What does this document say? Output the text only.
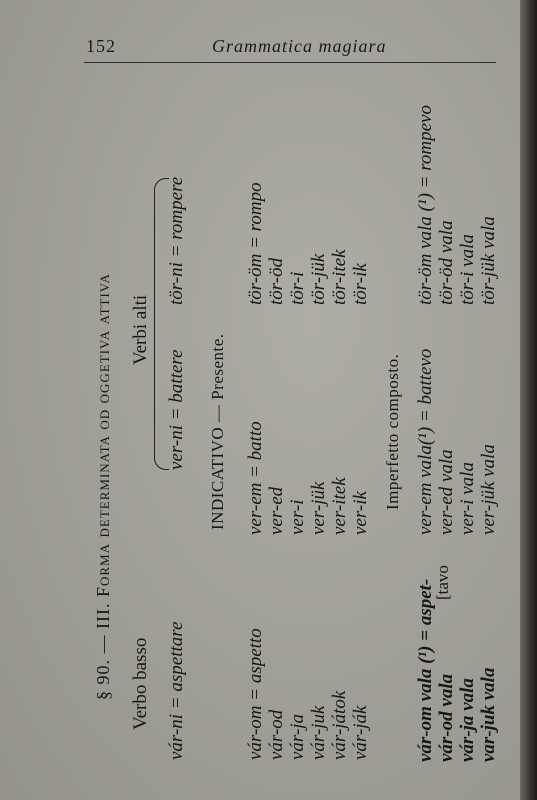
152	Grammatica magiara
§ 90. — III. Forma determinata od oggetiva attiva Verbo basso
Verbi alti
vár-ni = aspettare
ver-ni = battere
tör-ni = rompere
INDICATIVO — Presente.
vár-om = aspetto vár-od vár-ja vár-juk vár-játok vár-ják
ver-em = batto ver-ed ver-i ver-jük ver-itek ver-ik
tör-öm = rompo tör-öd tör-i tör-jük tör-itek tör-ik
Imperfetto composto.
vár-om vala (¹) = aspet-
[tavo
vár-od vala vár-ja vala var-juk vala
ver-em vala(¹) = battevo ver-ed vala ver-i vala ver-jük vala
tör-öm vala (¹) = rompevo tör-öd vala tör-i vala tör-jük vala
